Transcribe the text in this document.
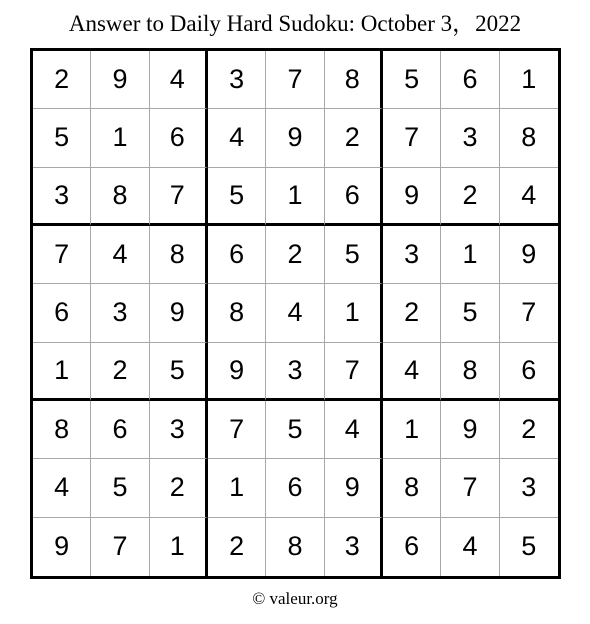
Answer to Daily Hard Sudoku: October 3，2022
2	9	4	3	7	8	5	6	1
5	1	6	4	9	2	7	3	8
3	8	7	5	1	6	9	2	4
7	4	8	6	2	5	3	1	9
6	3	9	8	4	1	2	5	7
1	2	5	9	3	7	4	8	6
8	6	3	7	5	4	1	9	2
4	5	2	1	6	9	8	7	3
9	7	1	2	8	3	6	4	5
© valeur.org
